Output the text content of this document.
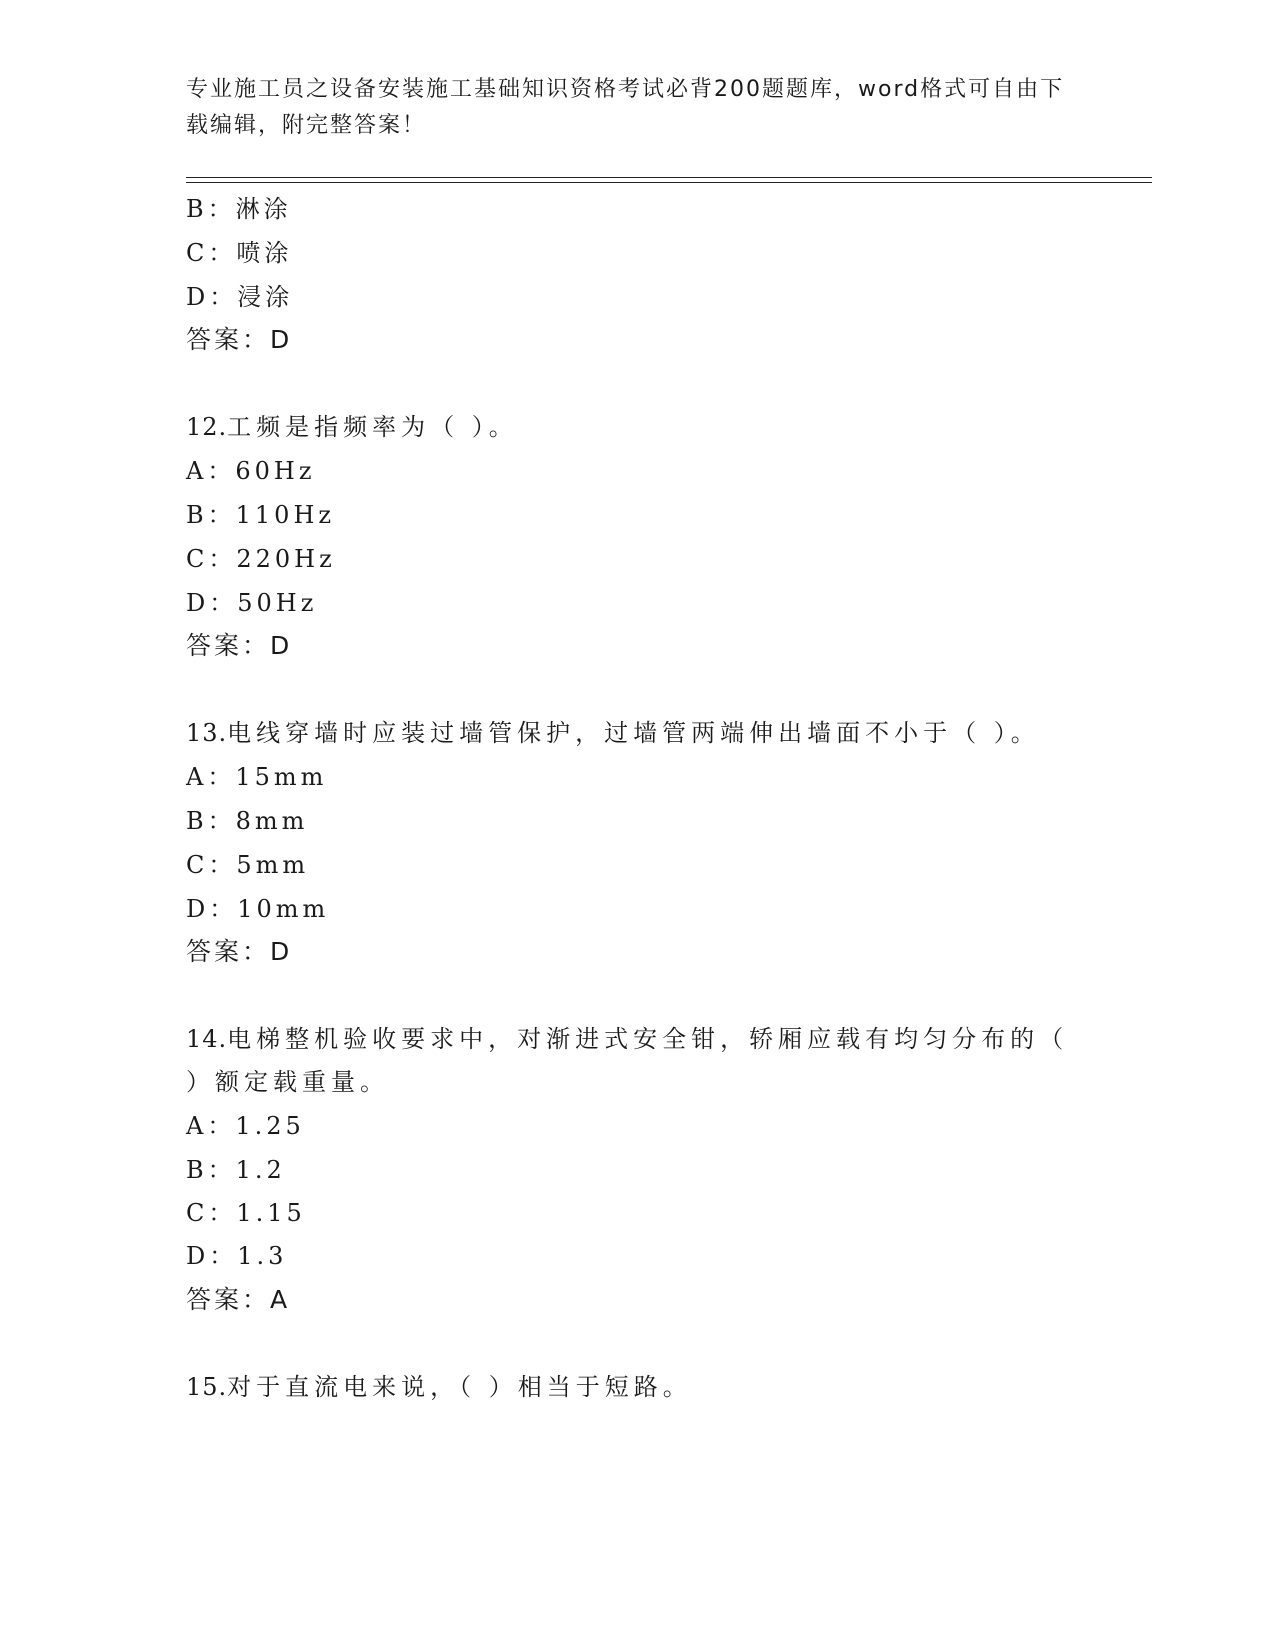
专业施工员之设备安装施工基础知识资格考试必背200题题库，word格式可自由下载编辑，附完整答案！
B：淋涂
C：喷涂
D：浸涂
答案：D
12.工频是指频率为（ ）。
A：60Hz
B：110Hz
C：220Hz
D：50Hz
答案：D
13.电线穿墙时应装过墙管保护，过墙管两端伸出墙面不小于（ ）。
A：15mm
B：8mm
C：5mm
D：10mm
答案：D
14.电梯整机验收要求中，对渐进式安全钳，轿厢应载有均匀分布的（
）额定载重量。
A：1.25
B：1.2
C：1.15
D：1.3
答案：A
15.对于直流电来说，（ ）相当于短路。
